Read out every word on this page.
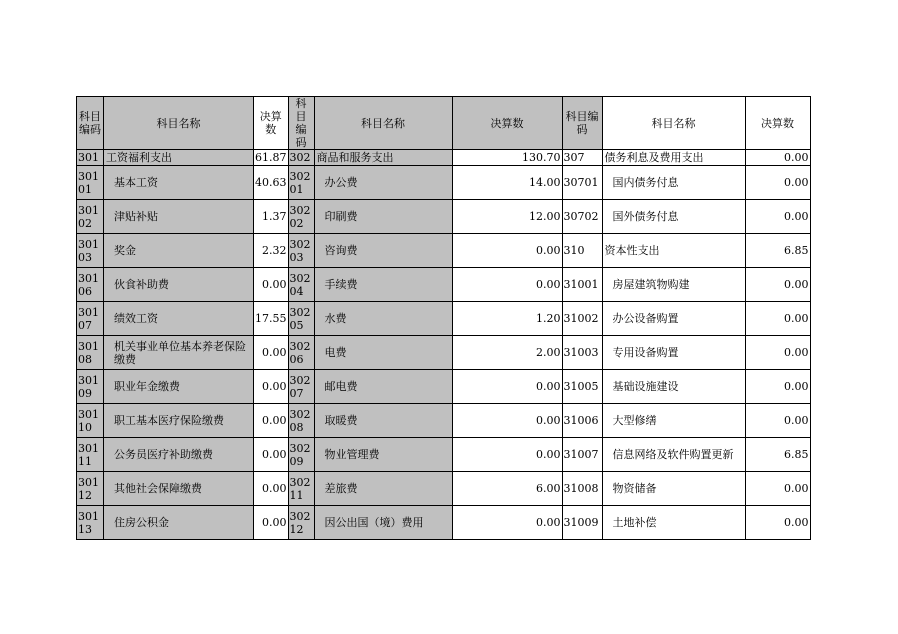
科目编码	科目名称	决算数	科目编码	科目名称	决算数	科目编码	科目名称	决算数
301	工资福利支出	61.87	302	商品和服务支出	130.70	307	债务利息及费用支出	0.00
30101	基本工资	40.63	30201	办公费	14.00	30701	国内债务付息	0.00
30102	津贴补贴	1.37	30202	印刷费	12.00	30702	国外债务付息	0.00
30103	奖金	2.32	30203	咨询费	0.00	310	资本性支出	6.85
30106	伙食补助费	0.00	30204	手续费	0.00	31001	房屋建筑物购建	0.00
30107	绩效工资	17.55	30205	水费	1.20	31002	办公设备购置	0.00
30108	机关事业单位基本养老保险缴费	0.00	30206	电费	2.00	31003	专用设备购置	0.00
30109	职业年金缴费	0.00	30207	邮电费	0.00	31005	基础设施建设	0.00
30110	职工基本医疗保险缴费	0.00	30208	取暖费	0.00	31006	大型修缮	0.00
30111	公务员医疗补助缴费	0.00	30209	物业管理费	0.00	31007	信息网络及软件购置更新	6.85
30112	其他社会保障缴费	0.00	30211	差旅费	6.00	31008	物资储备	0.00
30113	住房公积金	0.00	30212	因公出国（境）费用	0.00	31009	土地补偿	0.00
